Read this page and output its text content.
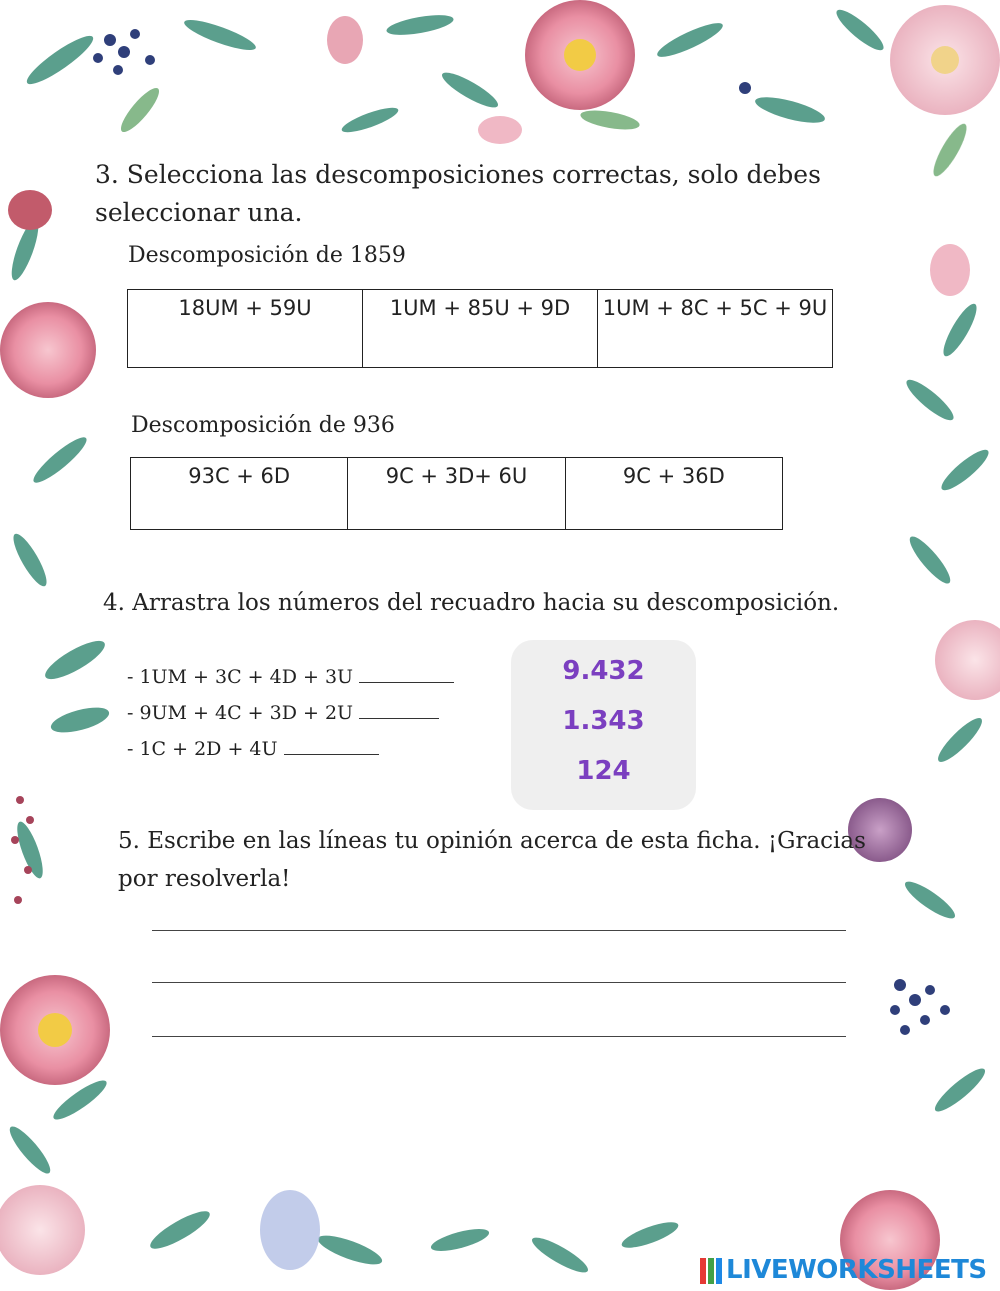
3. Selecciona las descomposiciones correctas, solo debes
seleccionar una.
Descomposición de 1859
18UM + 59U	1UM + 85U + 9D	1UM + 8C + 5C + 9U
Descomposición de 936
93C + 6D	9C + 3D+ 6U	9C + 36D
4. Arrastra los números del recuadro hacia su descomposición.
- 1UM + 3C + 4D + 3U
- 9UM + 4C + 3D + 2U
- 1C + 2D + 4U
9.432
1.343
124
5. Escribe en las líneas tu opinión acerca de esta ficha. ¡Gracias
por resolverla!
LIVEWORKSHEETS
